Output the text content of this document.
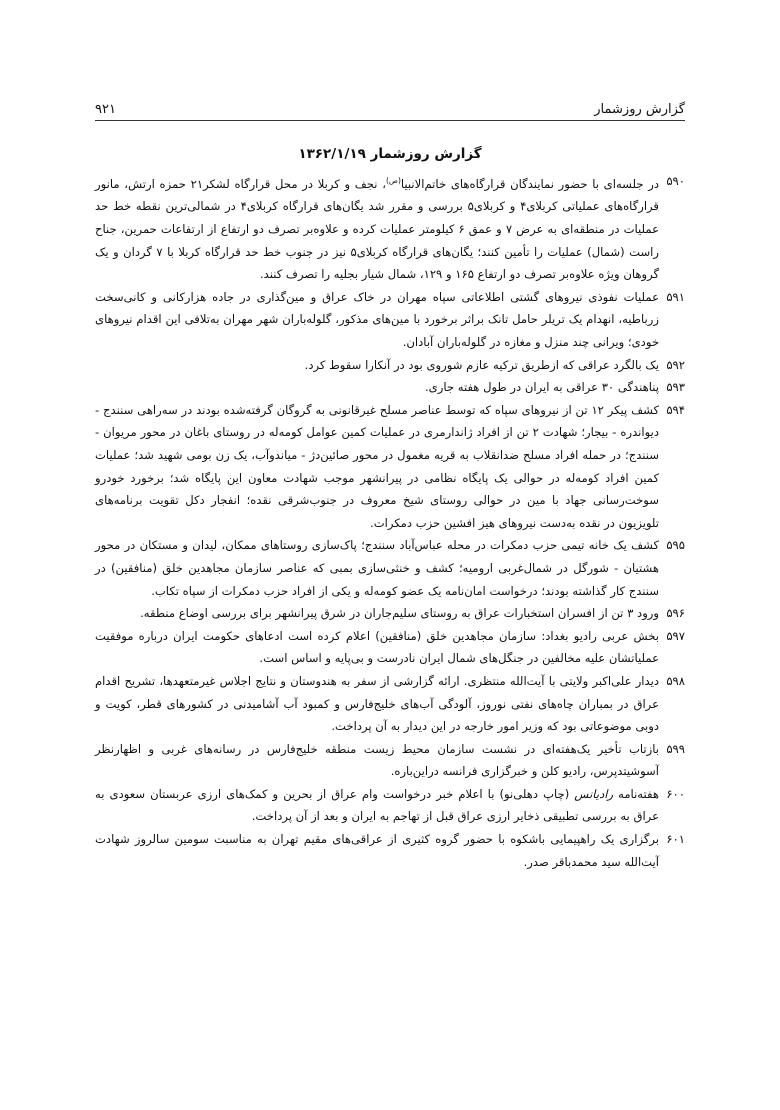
گزارش روزشمار
۹۲۱
گزارش روزشمار ۱۳۶۲/۱/۱۹
۵۹۰
در جلسه‌ای با حضور نمایندگان قرارگاه‌های خاتم‌الانبیا$^{(ص)}$، نجف و کربلا در محل قرارگاه لشکر۲۱ حمزه ارتش، مانور قرارگاه‌های عملیاتی کربلای۴ و کربلای۵ بررسی و مقرر شد یگان‌های قرارگاه کربلای۴ در شمالی‌ترین نقطه خط حد عملیات در منطقه‌ای به عرض ۷ و عمق ۶ کیلومتر عملیات کرده و علاوه‌بر تصرف دو ارتفاع از ارتفاعات حمرین، جناح راست (شمال) عملیات را تأمین کنند؛ یگان‌های قرارگاه کربلای۵ نیز در جنوب خط حد قرارگاه کربلا با ۷ گردان و یک گروهان ویژه علاوه‌بر تصرف دو ارتفاع ۱۶۵ و ۱۲۹، شمال شیار بجلیه را تصرف کنند.
۵۹۱
عملیات نفوذی نیروهای گشتی اطلاعاتی سپاه مهران در خاک عراق و مین‌گذاری در جاده هزارکانی و کانی‌سخت زرباطیه، انهدام یک تریلر حامل تانک براثر برخورد با مین‌های مذکور، گلوله‌باران شهر مهران به‌تلافی این اقدام نیروهای خودی؛ ویرانی چند منزل و مغازه در گلوله‌باران آبادان.
۵۹۲
یک بالگرد عراقی که ازطریق ترکیه عازم شوروی بود در آنکارا سقوط کرد.
۵۹۳
پناهندگی ۳۰ عراقی به ایران در طول هفته جاری.
۵۹۴
کشف پیکر ۱۲ تن از نیروهای سپاه که توسط عناصر مسلح غیرقانونی به گروگان گرفته‌شده بودند در سه‌راهی سنندج - دیواندره - بیجار؛ شهادت ۲ تن از افراد ژاندارمری در عملیات کمین عوامل کومه‌له در روستای باغان در محور مریوان - سنندج؛ در حمله افراد مسلح ضدانقلاب به قریه مغمول در محور صائین‌دژ - میاندوآب، یک زن بومی شهید شد؛ عملیات کمین افراد کومه‌له در حوالی یک پایگاه نظامی در پیرانشهر موجب شهادت معاون این پایگاه شد؛ برخورد خودرو سوخت‌رسانی جهاد با مین در حوالی روستای شیخ معروف در جنوب‌شرقی نقده؛ انفجار دکل تقویت برنامه‌های تلویزیون در نقده به‌دست نیروهای هیز افشین حزب دمکرات.
۵۹۵
کشف یک خانه تیمی حزب دمکرات در محله عباس‌آباد سنندج؛ پاک‌سازی روستاهای ممکان، لیدان و مستکان در محور هشتیان - شورگل در شمال‌غربی ارومیه؛ کشف و خنثی‌سازی بمبی که عناصر سازمان مجاهدین خلق (منافقین) در سنندج کار گذاشته بودند؛ درخواست امان‌نامه یک عضو کومه‌له و یکی از افراد حزب دمکرات از سپاه تکاب.
۵۹۶
ورود ۳ تن از افسران استخبارات عراق به روستای سلیم‌جاران در شرق پیرانشهر برای بررسی اوضاع منطقه.
۵۹۷
بخش عربی رادیو بغداد: سازمان مجاهدین خلق (منافقین) اعلام کرده است ادعاهای حکومت ایران درباره موفقیت عملیاتشان علیه مخالفین در جنگل‌های شمال ایران نادرست و بی‌پایه و اساس است.
۵۹۸
دیدار علی‌اکبر ولایتی با آیت‌الله منتظری. ارائه گزارشی از سفر به هندوستان و نتایج اجلاس غیرمتعهدها، تشریح اقدام عراق در بمباران چاه‌های نفتی نوروز، آلودگی آب‌های خلیج‌فارس و کمبود آب آشامیدنی در کشورهای قطر، کویت و دوبی موضوعاتی بود که وزیر امور خارجه در این دیدار به آن پرداخت.
۵۹۹
بازتاب تأخیر یک‌هفته‌ای در نشست سازمان محیط زیست منطقه خلیج‌فارس در رسانه‌های غربی و اظهارنظر آسوشیتدپرس، رادیو کلن و خبرگزاری فرانسه دراین‌باره.
۶۰۰
هفته‌نامه رادیانس (چاپ دهلی‌نو) با اعلام خبر درخواست وام عراق از بحرین و کمک‌های ارزی عربستان سعودی به عراق به بررسی تطبیقی ذخایر ارزی عراق قبل از تهاجم به ایران و بعد از آن پرداخت.
۶۰۱
برگزاری یک راهپیمایی باشکوه با حضور گروه کثیری از عراقی‌های مقیم تهران به مناسبت سومین سالروز شهادت آیت‌الله سید محمدباقر صدر.
